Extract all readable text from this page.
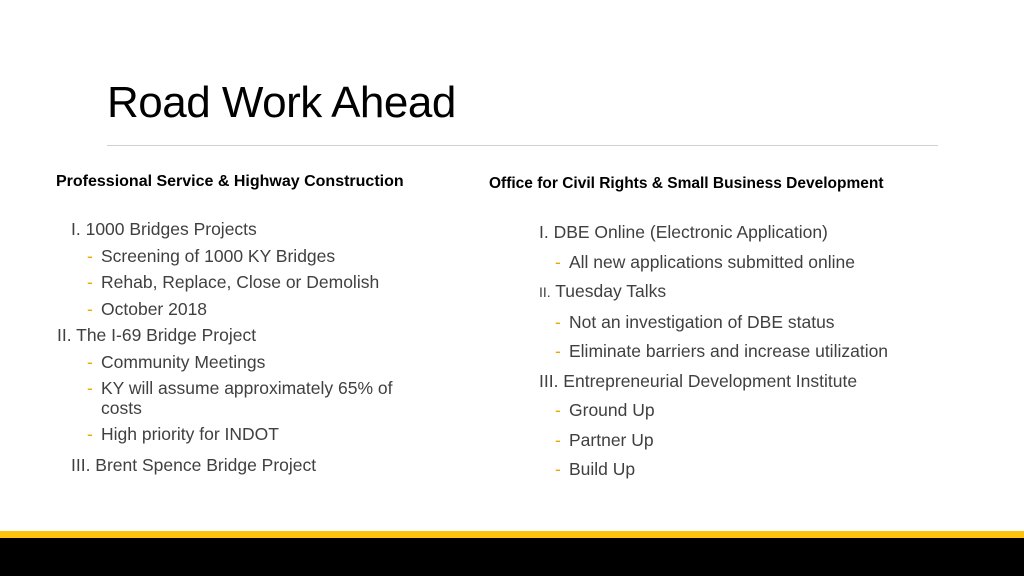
Road Work Ahead
Professional Service & Highway Construction
I. 1000 Bridges Projects
- Screening of 1000 KY Bridges
- Rehab, Replace, Close or Demolish
- October 2018
II. The I-69 Bridge Project
- Community Meetings
- KY will assume approximately 65% of costs
- High priority for INDOT
III. Brent Spence Bridge Project
Office for Civil Rights & Small Business Development
I. DBE Online (Electronic Application)
- All new applications submitted online
II. Tuesday Talks
- Not an investigation of DBE status
- Eliminate barriers and increase utilization
III. Entrepreneurial Development Institute
- Ground Up
- Partner Up
- Build Up
